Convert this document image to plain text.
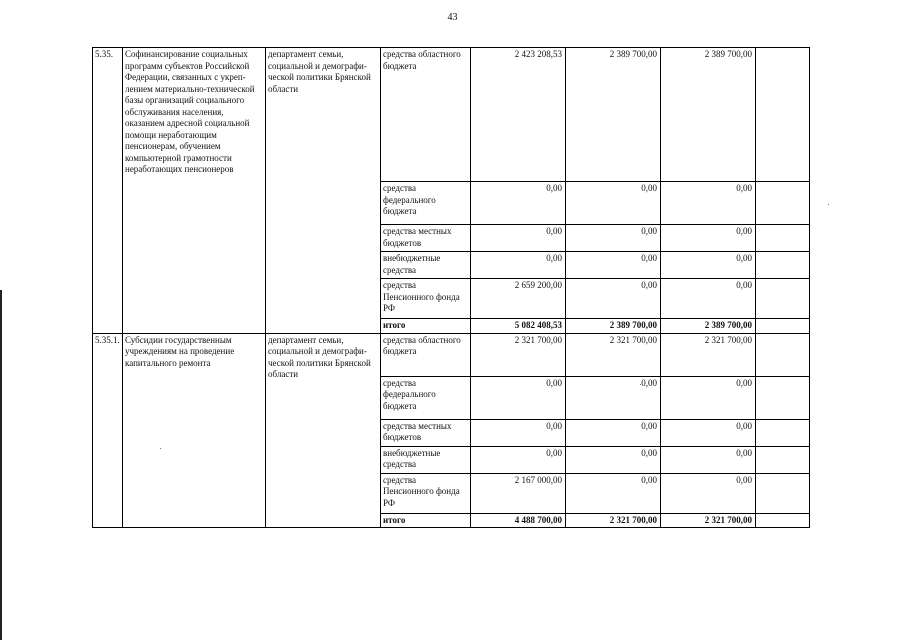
43
5.35.	Софинансирование социальных программ субъектов Российской Федерации, связанных с укреп-лением материально-технической базы организаций социального обслуживания населения, оказанием адресной социальной помощи неработающим пенсионерам, обучением компьютерной грамотности неработающих пенсионеров	департамент семьи, социальной и демографи-ческой политики Брянской области	средства областного бюджета	2 423 208,53	2 389 700,00	2 389 700,00	
			средства федерального бюджета	0,00	0,00	0,00	
			средства местных бюджетов	0,00	0,00	0,00	
			внебюджетные средства	0,00	0,00	0,00	
			средства Пенсионного фонда РФ	2 659 200,00	0,00	0,00	
			итого	5 082 408,53	2 389 700,00	2 389 700,00	
5.35.1.	Субсидии государственным учреждениям на проведение капитального ремонта	департамент семьи, социальной и демографи-ческой политики Брянской области	средства областного бюджета	2 321 700,00	2 321 700,00	2 321 700,00	
			средства федерального бюджета	0,00	0,00	0,00	
			средства местных бюджетов	0,00	0,00	0,00	
			внебюджетные средства	0,00	0,00	0,00	
			средства Пенсионного фонда РФ	2 167 000,00	0,00	0,00	
			итого	4 488 700,00	2 321 700,00	2 321 700,00	
